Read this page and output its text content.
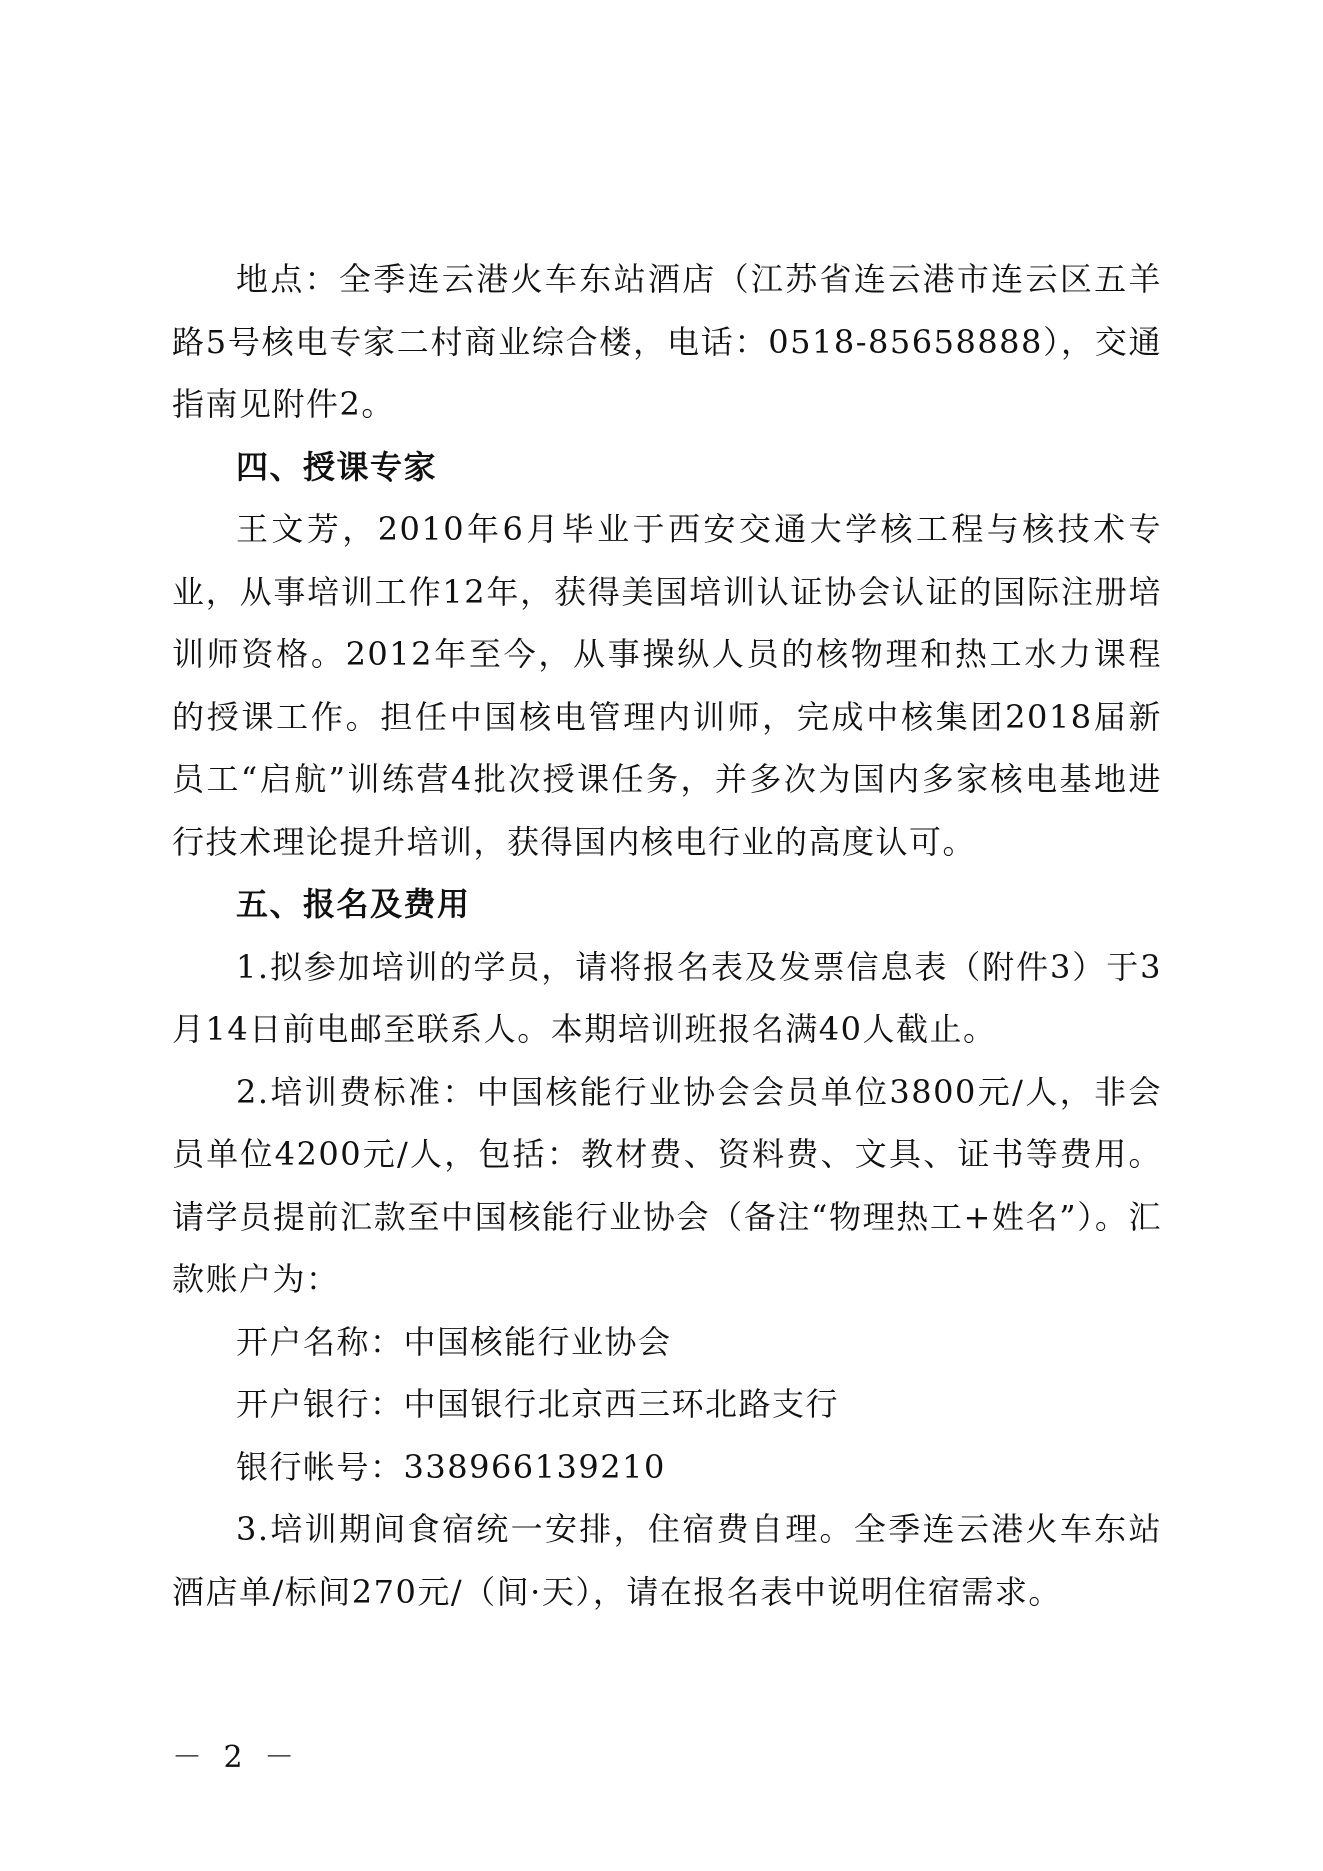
地点：全季连云港火车东站酒店（江苏省连云港市连云区五羊路5号核电专家二村商业综合楼，电话：0518-85658888），交通指南见附件2。

四、授课专家

王文芳，2010年6月毕业于西安交通大学核工程与核技术专业，从事培训工作12年，获得美国培训认证协会认证的国际注册培训师资格。2012年至今，从事操纵人员的核物理和热工水力课程的授课工作。担任中国核电管理内训师，完成中核集团2018届新员工“启航”训练营4批次授课任务，并多次为国内多家核电基地进行技术理论提升培训，获得国内核电行业的高度认可。

五、报名及费用

1.拟参加培训的学员，请将报名表及发票信息表（附件3）于3月14日前电邮至联系人。本期培训班报名满40人截止。

2.培训费标准：中国核能行业协会会员单位3800元/人，非会员单位4200元/人，包括：教材费、资料费、文具、证书等费用。请学员提前汇款至中国核能行业协会（备注“物理热工+姓名”）。汇款账户为：

开户名称：中国核能行业协会

开户银行：中国银行北京西三环北路支行

银行帐号：338966139210

3.培训期间食宿统一安排，住宿费自理。全季连云港火车东站酒店单/标间270元/（间·天），请在报名表中说明住宿需求。

－ 2 －
